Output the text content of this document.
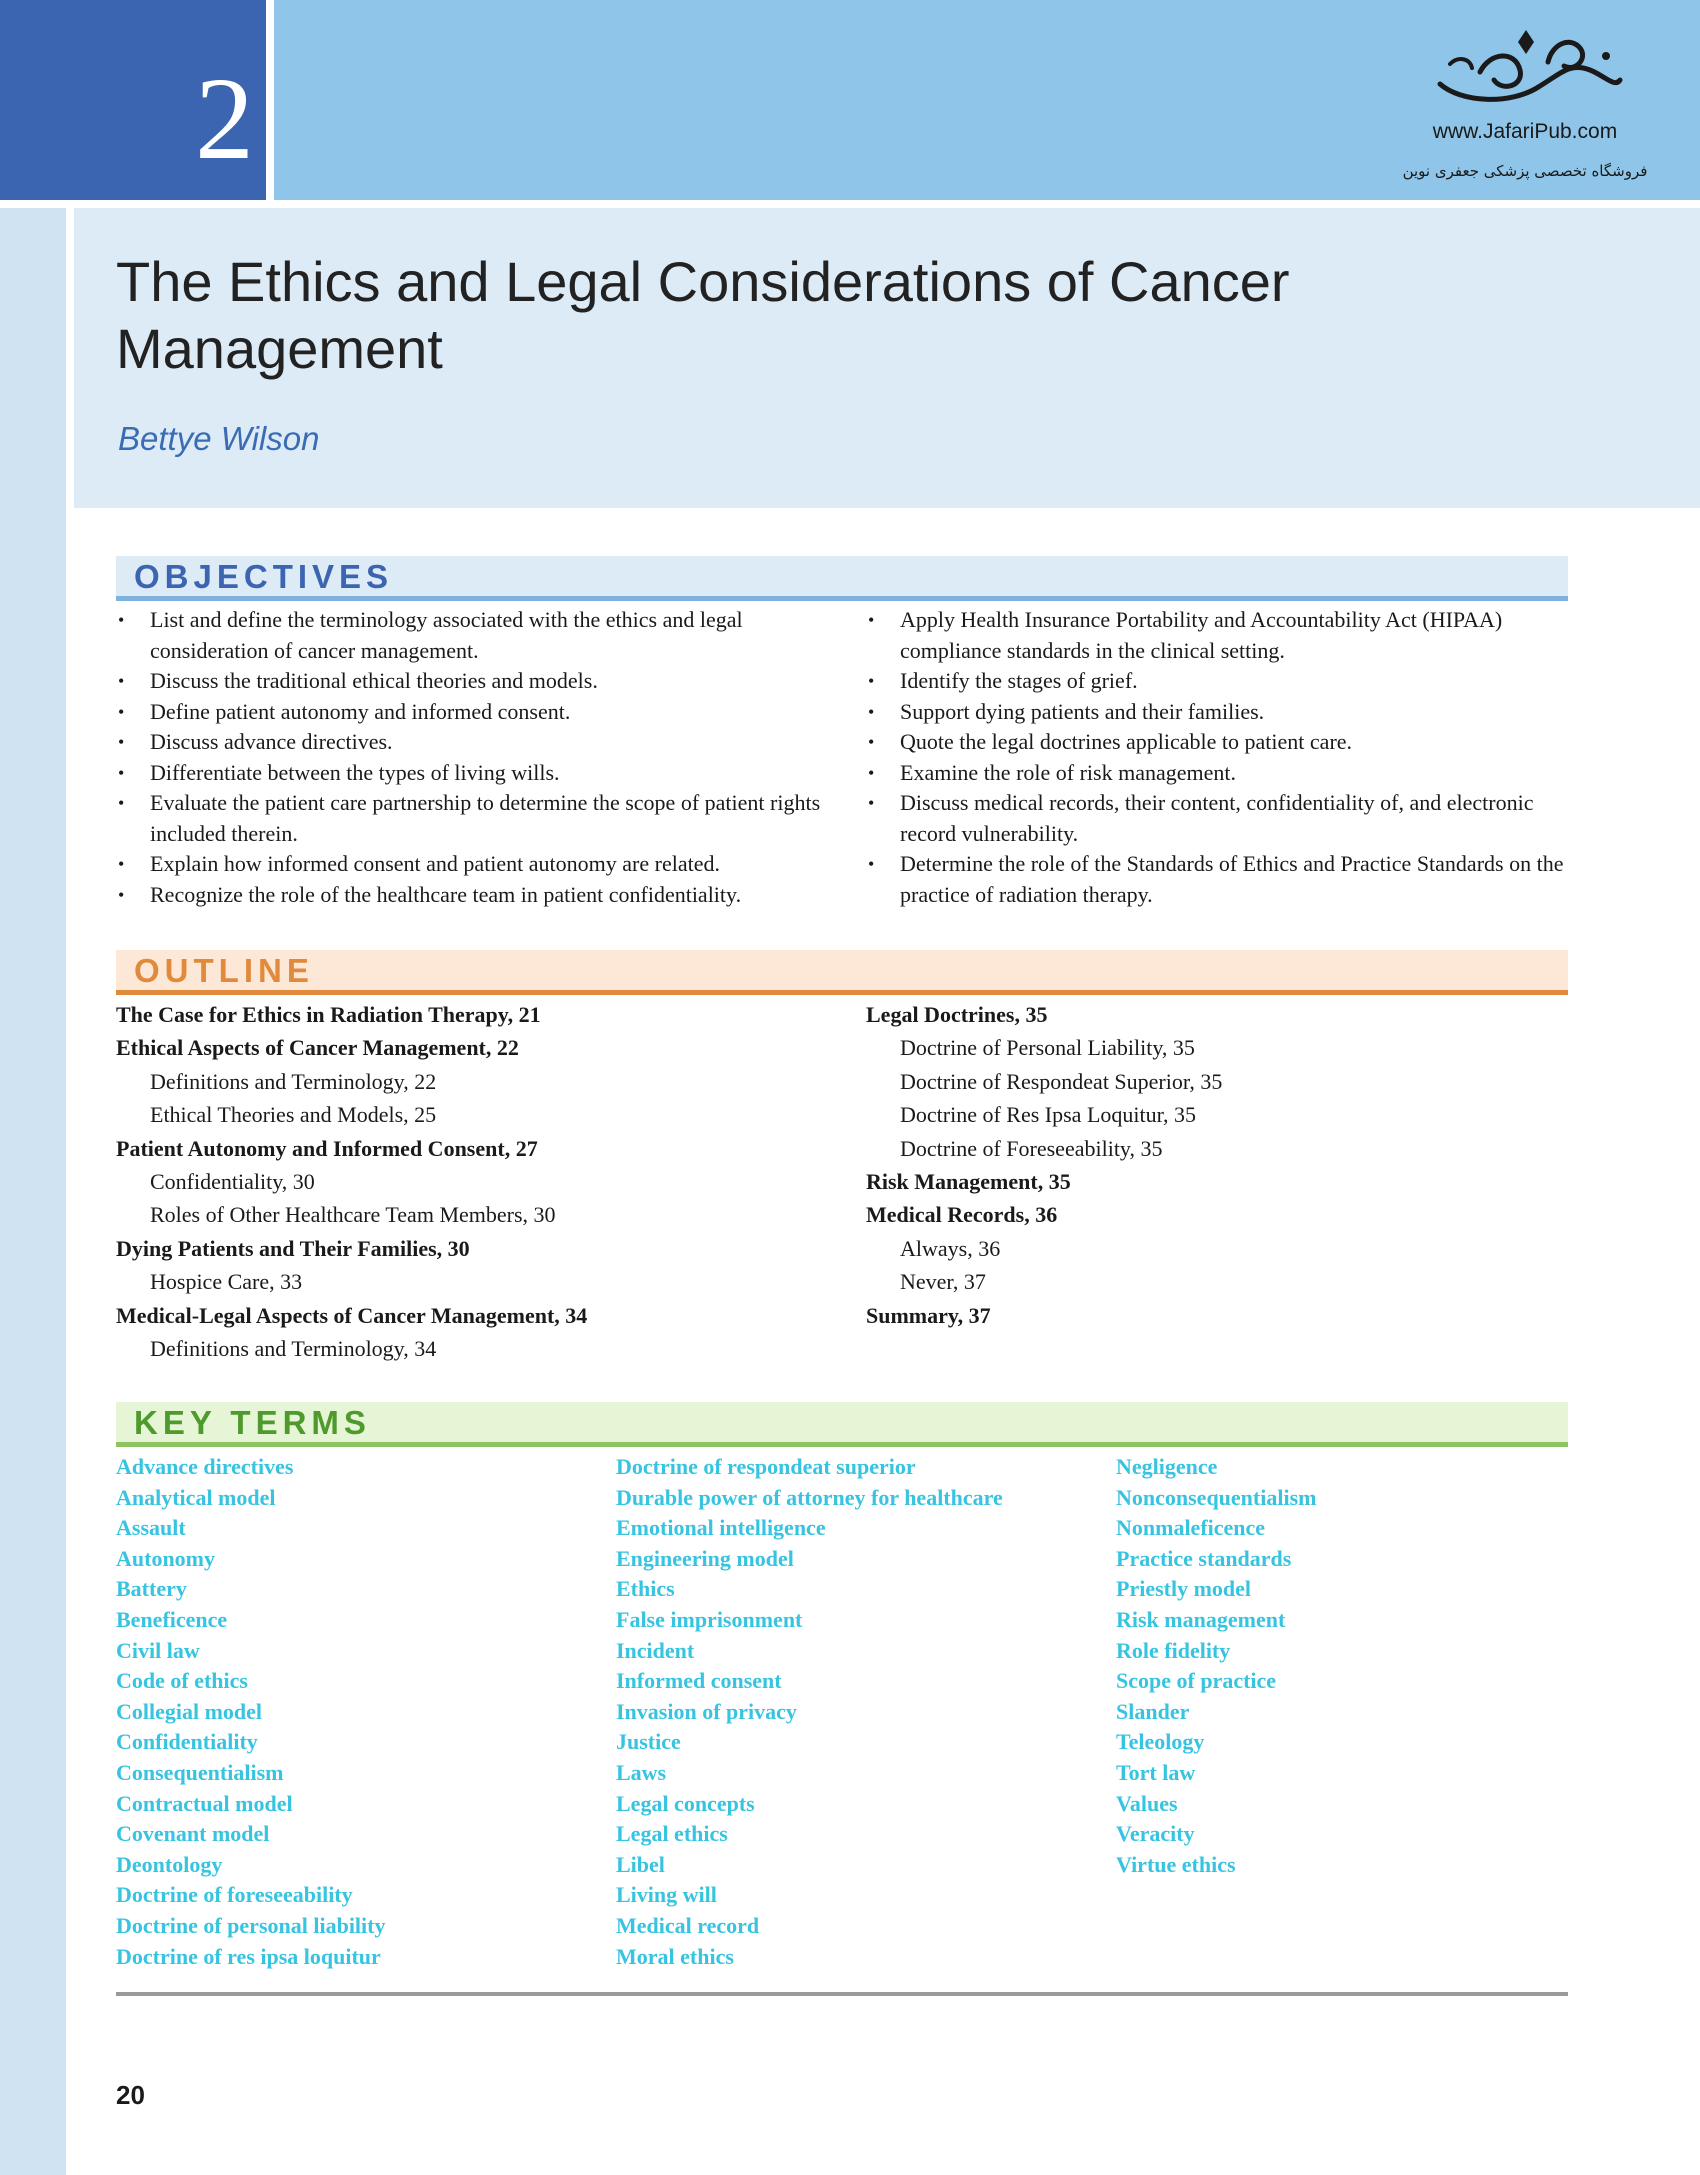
2	www.JafariPub.com
فروشگاه تخصصی پزشکی جعفری نوین
The Ethics and Legal Considerations of Cancer Management
Bettye Wilson
OBJECTIVES
• List and define the terminology associated with the ethics and legal consideration of cancer management.
• Discuss the traditional ethical theories and models.
• Define patient autonomy and informed consent.
• Discuss advance directives.
• Differentiate between the types of living wills.
• Evaluate the patient care partnership to determine the scope of patient rights included therein.
• Explain how informed consent and patient autonomy are related.
• Recognize the role of the healthcare team in patient confidentiality.
• Apply Health Insurance Portability and Accountability Act (HIPAA) compliance standards in the clinical setting.
• Identify the stages of grief.
• Support dying patients and their families.
• Quote the legal doctrines applicable to patient care.
• Examine the role of risk management.
• Discuss medical records, their content, confidentiality of, and electronic record vulnerability.
• Determine the role of the Standards of Ethics and Practice Standards on the practice of radiation therapy.
OUTLINE
The Case for Ethics in Radiation Therapy, 21
Ethical Aspects of Cancer Management, 22
Definitions and Terminology, 22
Ethical Theories and Models, 25
Patient Autonomy and Informed Consent, 27
Confidentiality, 30
Roles of Other Healthcare Team Members, 30
Dying Patients and Their Families, 30
Hospice Care, 33
Medical-Legal Aspects of Cancer Management, 34
Definitions and Terminology, 34
Legal Doctrines, 35
Doctrine of Personal Liability, 35
Doctrine of Respondeat Superior, 35
Doctrine of Res Ipsa Loquitur, 35
Doctrine of Foreseeability, 35
Risk Management, 35
Medical Records, 36
Always, 36
Never, 37
Summary, 37
KEY TERMS
Advance directives
Analytical model
Assault
Autonomy
Battery
Beneficence
Civil law
Code of ethics
Collegial model
Confidentiality
Consequentialism
Contractual model
Covenant model
Deontology
Doctrine of foreseeability
Doctrine of personal liability
Doctrine of res ipsa loquitur
Doctrine of respondeat superior
Durable power of attorney for healthcare
Emotional intelligence
Engineering model
Ethics
False imprisonment
Incident
Informed consent
Invasion of privacy
Justice
Laws
Legal concepts
Legal ethics
Libel
Living will
Medical record
Moral ethics
Negligence
Nonconsequentialism
Nonmaleficence
Practice standards
Priestly model
Risk management
Role fidelity
Scope of practice
Slander
Teleology
Tort law
Values
Veracity
Virtue ethics
20
